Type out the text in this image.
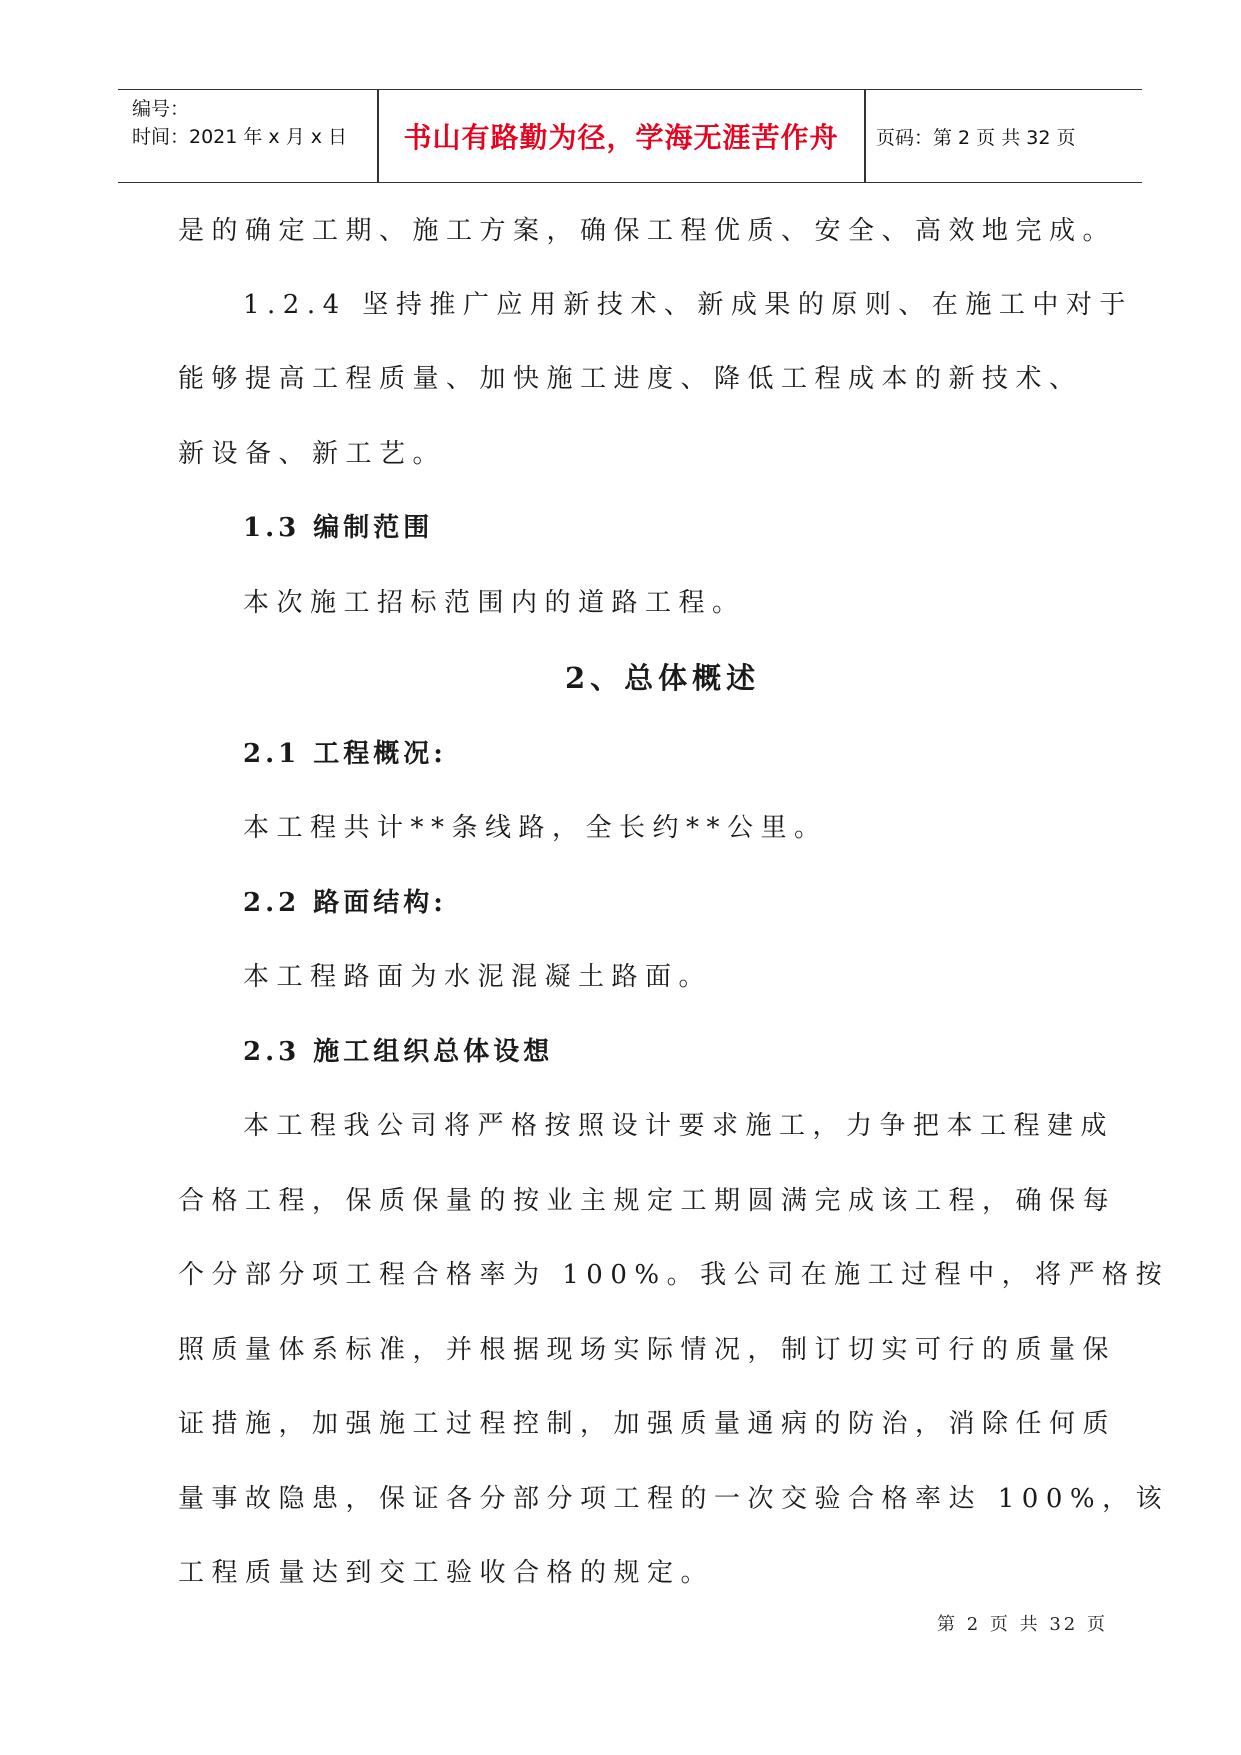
编号：
时间：2021 年 x 月 x 日	书山有路勤为径，学海无涯苦作舟	页码：第 2 页 共 32 页
是的确定工期、施工方案，确保工程优质、安全、高效地完成。
1.2.4 坚持推广应用新技术、新成果的原则、在施工中对于
能够提高工程质量、加快施工进度、降低工程成本的新技术、
新设备、新工艺。
1.3 编制范围
本次施工招标范围内的道路工程。
2、总体概述
2.1 工程概况:
本工程共计**条线路，全长约**公里。
2.2 路面结构:
本工程路面为水泥混凝土路面。
2.3 施工组织总体设想
本工程我公司将严格按照设计要求施工，力争把本工程建成
合格工程，保质保量的按业主规定工期圆满完成该工程，确保每
个分部分项工程合格率为 100%。我公司在施工过程中，将严格按
照质量体系标准，并根据现场实际情况，制订切实可行的质量保
证措施，加强施工过程控制，加强质量通病的防治，消除任何质
量事故隐患，保证各分部分项工程的一次交验合格率达 100%，该
工程质量达到交工验收合格的规定。
第 2 页 共 32 页
